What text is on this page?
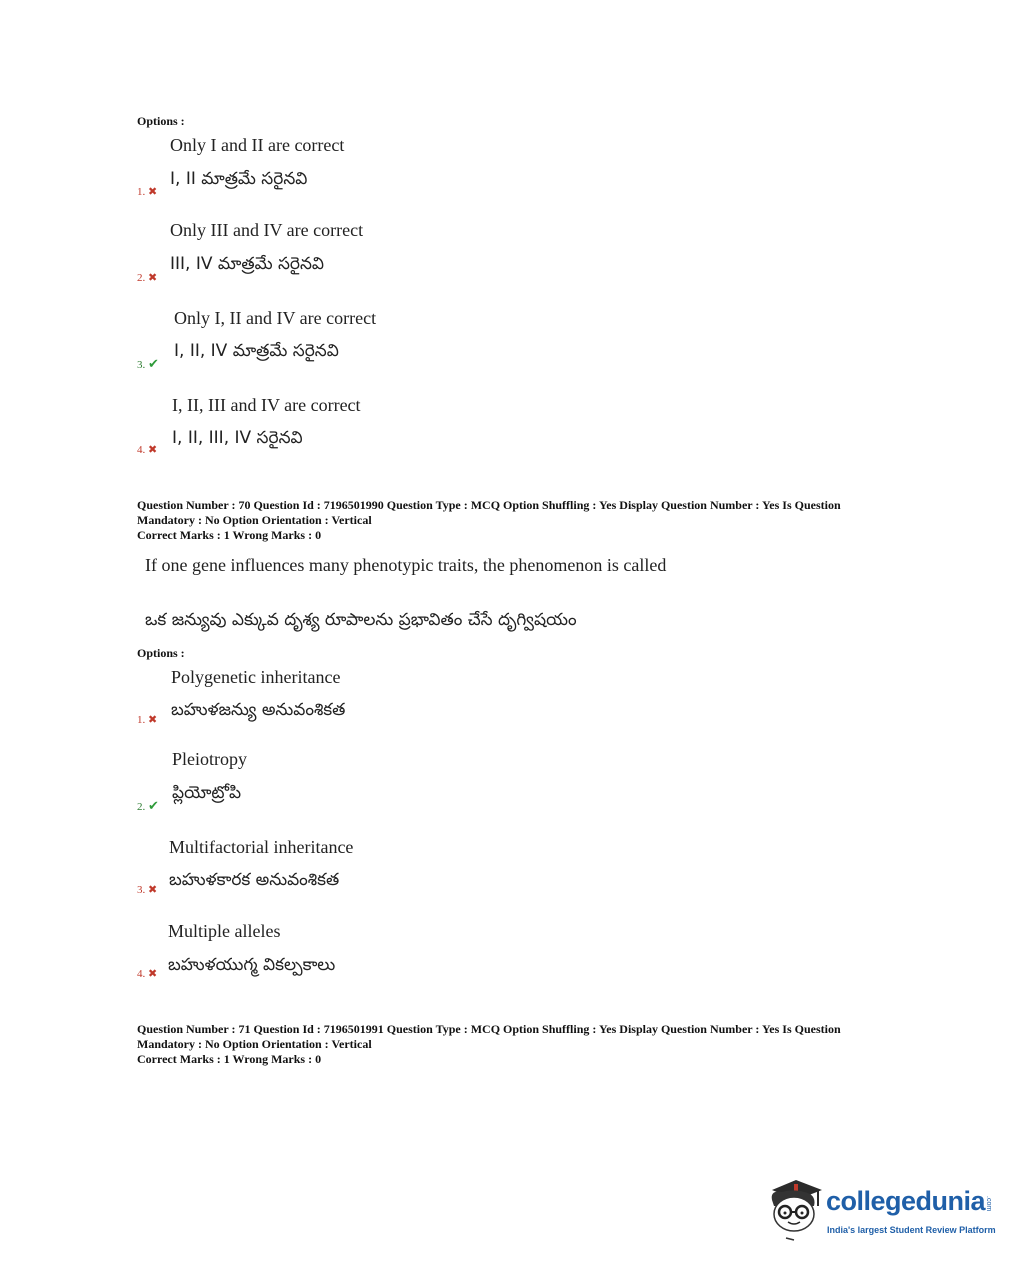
Options :
Only I and II are correct
I, II మాత్రమే సరైనవి
1. ✖
Only III and IV are correct
III, IV మాత్రమే సరైనవి
2. ✖
Only I, II and IV are correct
I, II, IV మాత్రమే సరైనవి
3. ✔
I, II, III and IV are correct
I, II, III, IV సరైనవి
4. ✖
Question Number : 70 Question Id : 7196501990 Question Type : MCQ Option Shuffling : Yes Display Question Number : Yes Is Question
Mandatory : No Option Orientation : Vertical
Correct Marks : 1 Wrong Marks : 0
If one gene influences many phenotypic traits, the phenomenon is called
ఒక జన్యువు ఎక్కువ దృశ్య రూపాలను ప్రభావితం చేసే దృగ్విషయం
Options :
Polygenetic inheritance
బహుళజన్యు అనువంశికత
1. ✖
Pleiotropy
ప్లియోట్రోపి
2. ✔
Multifactorial inheritance
బహుళకారక అనువంశికత
3. ✖
Multiple alleles
బహుళయుగ్మ వికల్పకాలు
4. ✖
Question Number : 71 Question Id : 7196501991 Question Type : MCQ Option Shuffling : Yes Display Question Number : Yes Is Question
Mandatory : No Option Orientation : Vertical
Correct Marks : 1 Wrong Marks : 0
collegedunia .com
India's largest Student Review Platform
